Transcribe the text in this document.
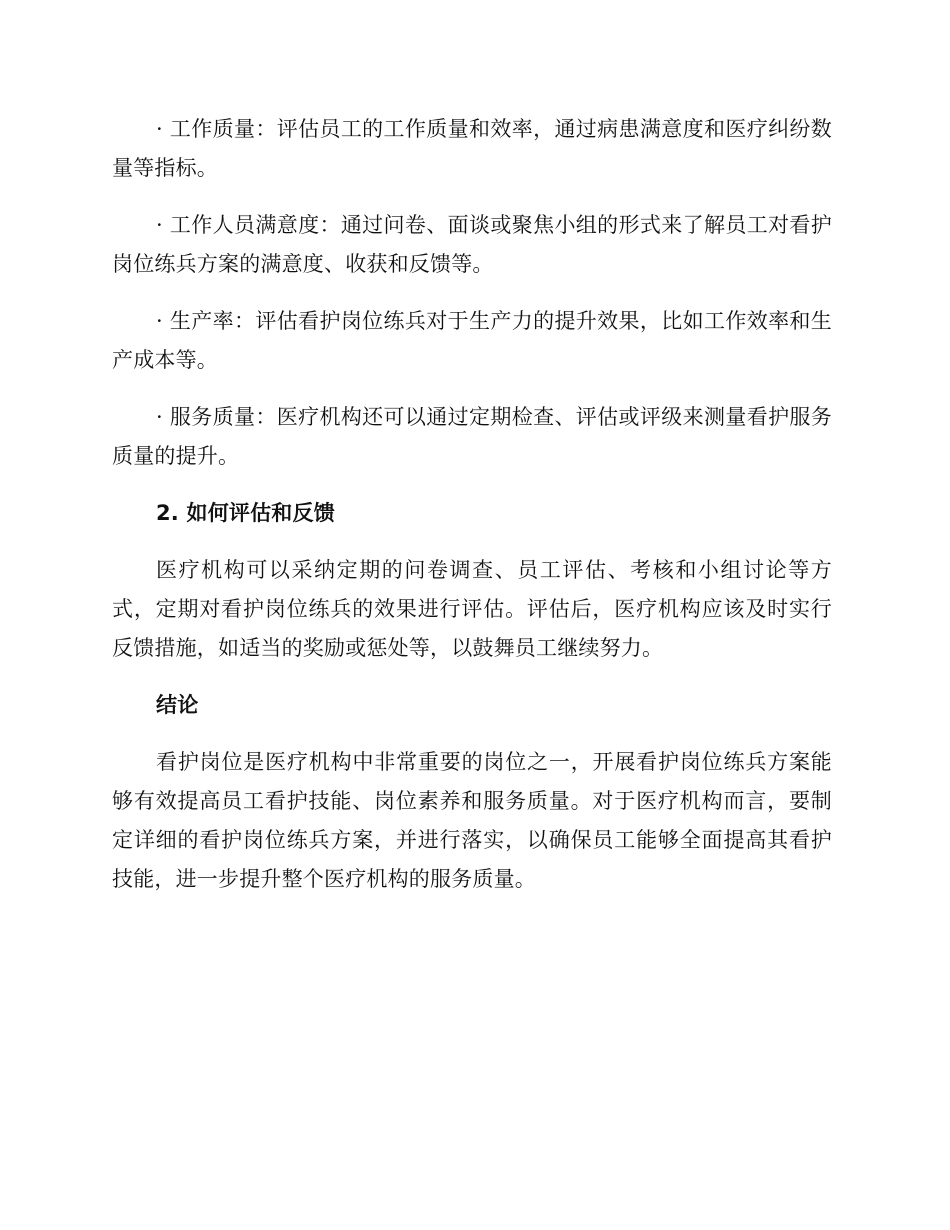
· 工作质量：评估员工的工作质量和效率，通过病患满意度和医疗纠纷数量等指标。

· 工作人员满意度：通过问卷、面谈或聚焦小组的形式来了解员工对看护岗位练兵方案的满意度、收获和反馈等。

· 生产率：评估看护岗位练兵对于生产力的提升效果，比如工作效率和生产成本等。

· 服务质量：医疗机构还可以通过定期检查、评估或评级来测量看护服务质量的提升。

2. 如何评估和反馈

医疗机构可以采纳定期的问卷调查、员工评估、考核和小组讨论等方式，定期对看护岗位练兵的效果进行评估。评估后，医疗机构应该及时实行反馈措施，如适当的奖励或惩处等，以鼓舞员工继续努力。

结论

看护岗位是医疗机构中非常重要的岗位之一，开展看护岗位练兵方案能够有效提高员工看护技能、岗位素养和服务质量。对于医疗机构而言，要制定详细的看护岗位练兵方案，并进行落实，以确保员工能够全面提高其看护技能，进一步提升整个医疗机构的服务质量。
